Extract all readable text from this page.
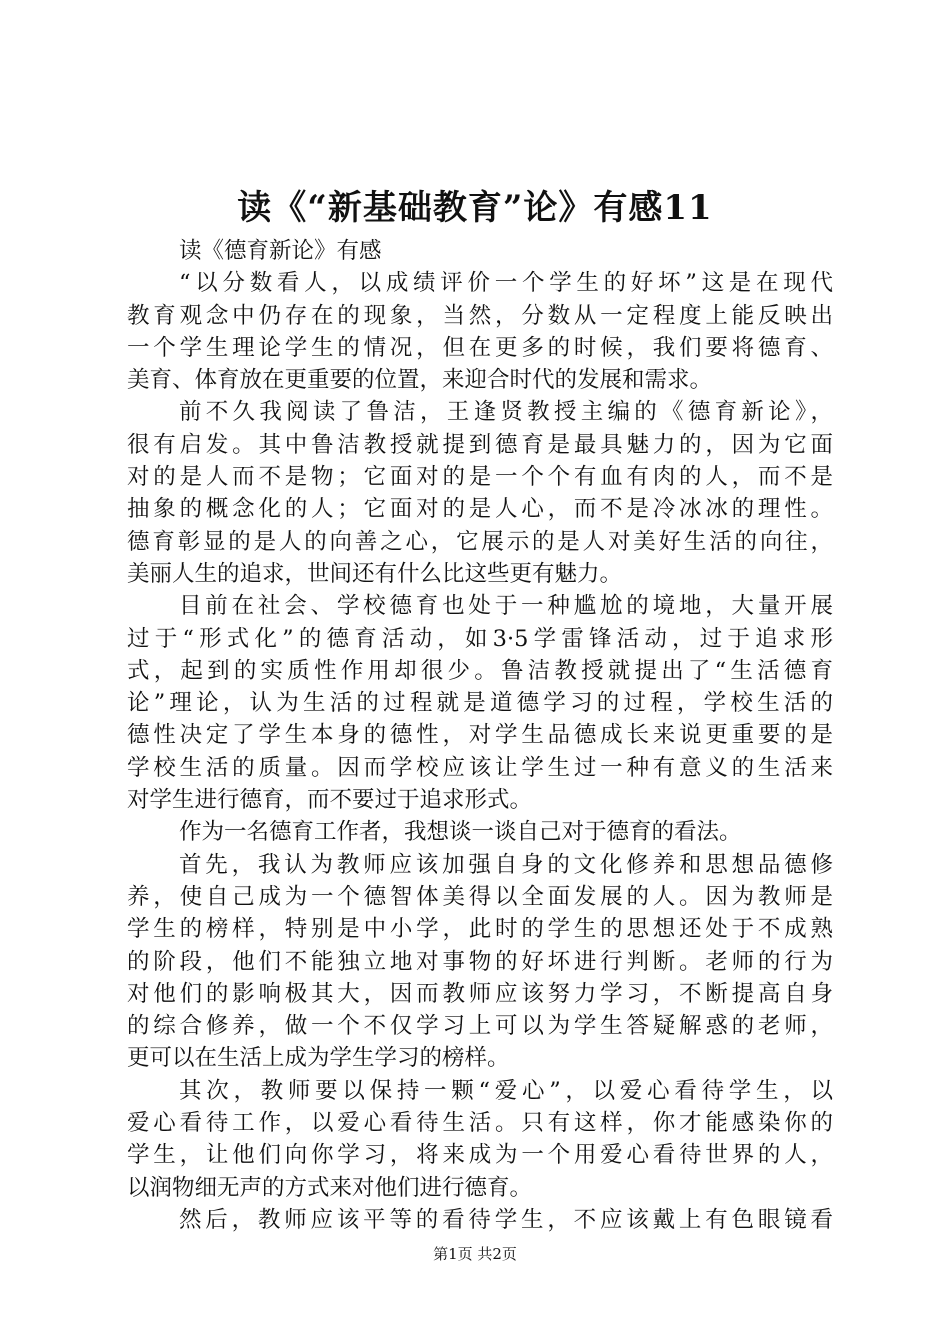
读《“新基础教育”论》有感11
读《德育新论》有感
“以分数看人，以成绩评价一个学生的好坏”这是在现代
教育观念中仍存在的现象，当然，分数从一定程度上能反映出
一个学生理论学生的情况，但在更多的时候，我们要将德育、
美育、体育放在更重要的位置，来迎合时代的发展和需求。
前不久我阅读了鲁洁，王逢贤教授主编的《德育新论》，
很有启发。其中鲁洁教授就提到德育是最具魅力的，因为它面
对的是人而不是物；它面对的是一个个有血有肉的人，而不是
抽象的概念化的人；它面对的是人心，而不是冷冰冰的理性。
德育彰显的是人的向善之心，它展示的是人对美好生活的向往，
美丽人生的追求，世间还有什么比这些更有魅力。
目前在社会、学校德育也处于一种尴尬的境地，大量开展
过于“形式化”的德育活动，如3·5学雷锋活动，过于追求形
式，起到的实质性作用却很少。鲁洁教授就提出了“生活德育
论”理论，认为生活的过程就是道德学习的过程，学校生活的
德性决定了学生本身的德性，对学生品德成长来说更重要的是
学校生活的质量。因而学校应该让学生过一种有意义的生活来
对学生进行德育，而不要过于追求形式。
作为一名德育工作者，我想谈一谈自己对于德育的看法。
首先，我认为教师应该加强自身的文化修养和思想品德修
养，使自己成为一个德智体美得以全面发展的人。因为教师是
学生的榜样，特别是中小学，此时的学生的思想还处于不成熟
的阶段，他们不能独立地对事物的好坏进行判断。老师的行为
对他们的影响极其大，因而教师应该努力学习，不断提高自身
的综合修养，做一个不仅学习上可以为学生答疑解惑的老师，
更可以在生活上成为学生学习的榜样。
其次，教师要以保持一颗“爱心”，以爱心看待学生，以
爱心看待工作，以爱心看待生活。只有这样，你才能感染你的
学生，让他们向你学习，将来成为一个用爱心看待世界的人，
以润物细无声的方式来对他们进行德育。
然后，教师应该平等的看待学生，不应该戴上有色眼镜看
第1页 共2页
